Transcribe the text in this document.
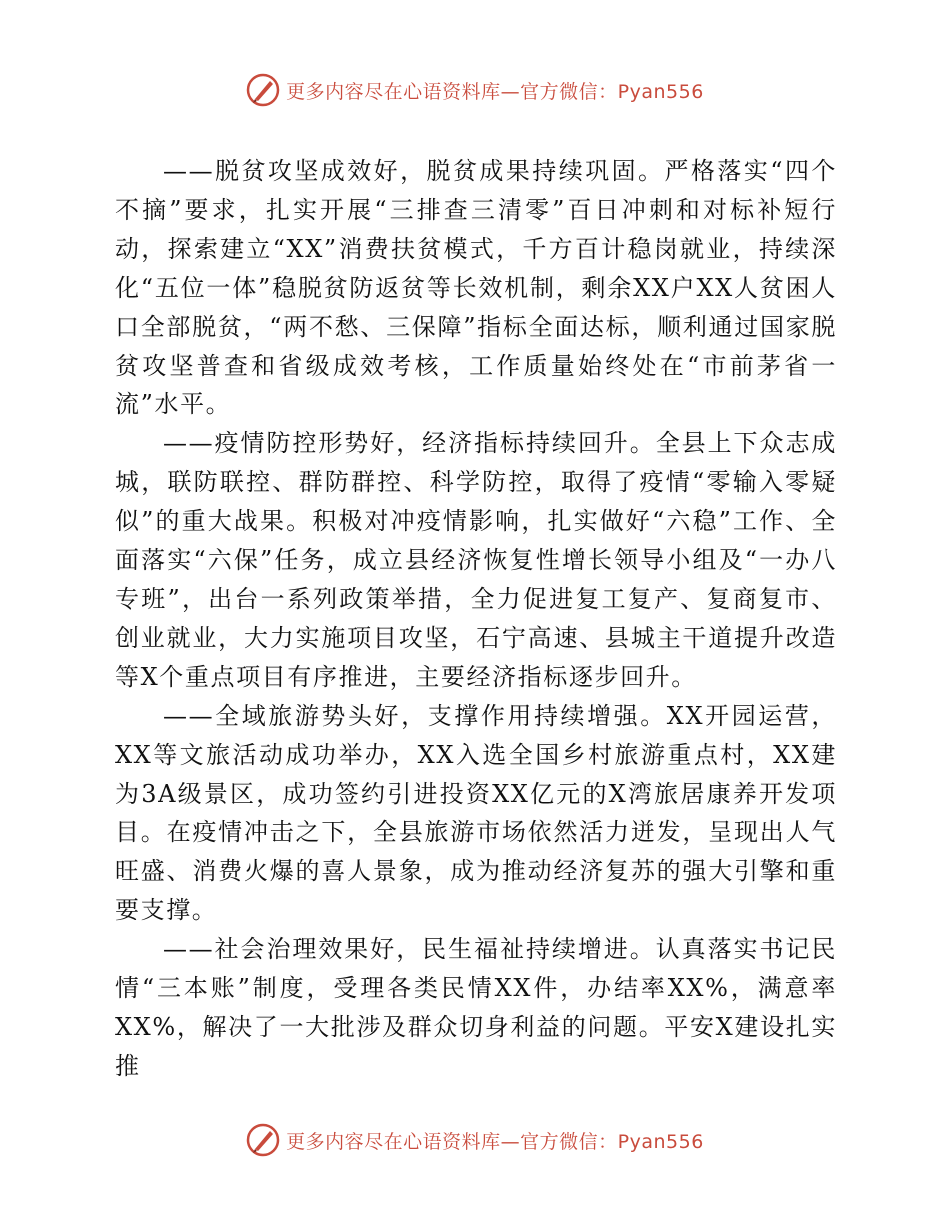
更多内容尽在心语资料库—官方微信：Pyan556

——脱贫攻坚成效好，脱贫成果持续巩固。严格落实“四个不摘”要求，扎实开展“三排查三清零”百日冲刺和对标补短行动，探索建立“XX”消费扶贫模式，千方百计稳岗就业，持续深化“五位一体”稳脱贫防返贫等长效机制，剩余XX户XX人贫困人口全部脱贫，“两不愁、三保障”指标全面达标，顺利通过国家脱贫攻坚普查和省级成效考核，工作质量始终处在“市前茅省一流”水平。

——疫情防控形势好，经济指标持续回升。全县上下众志成城，联防联控、群防群控、科学防控，取得了疫情“零输入零疑似”的重大战果。积极对冲疫情影响，扎实做好“六稳”工作、全面落实“六保”任务，成立县经济恢复性增长领导小组及“一办八专班”，出台一系列政策举措，全力促进复工复产、复商复市、创业就业，大力实施项目攻坚，石宁高速、县城主干道提升改造等X个重点项目有序推进，主要经济指标逐步回升。

——全域旅游势头好，支撑作用持续增强。XX开园运营，XX等文旅活动成功举办，XX入选全国乡村旅游重点村，XX建为3A级景区，成功签约引进投资XX亿元的X湾旅居康养开发项目。在疫情冲击之下，全县旅游市场依然活力迸发，呈现出人气旺盛、消费火爆的喜人景象，成为推动经济复苏的强大引擎和重要支撑。

——社会治理效果好，民生福祉持续增进。认真落实书记民情“三本账”制度，受理各类民情XX件，办结率XX%，满意率XX%，解决了一大批涉及群众切身利益的问题。平安X建设扎实推

更多内容尽在心语资料库—官方微信：Pyan556
